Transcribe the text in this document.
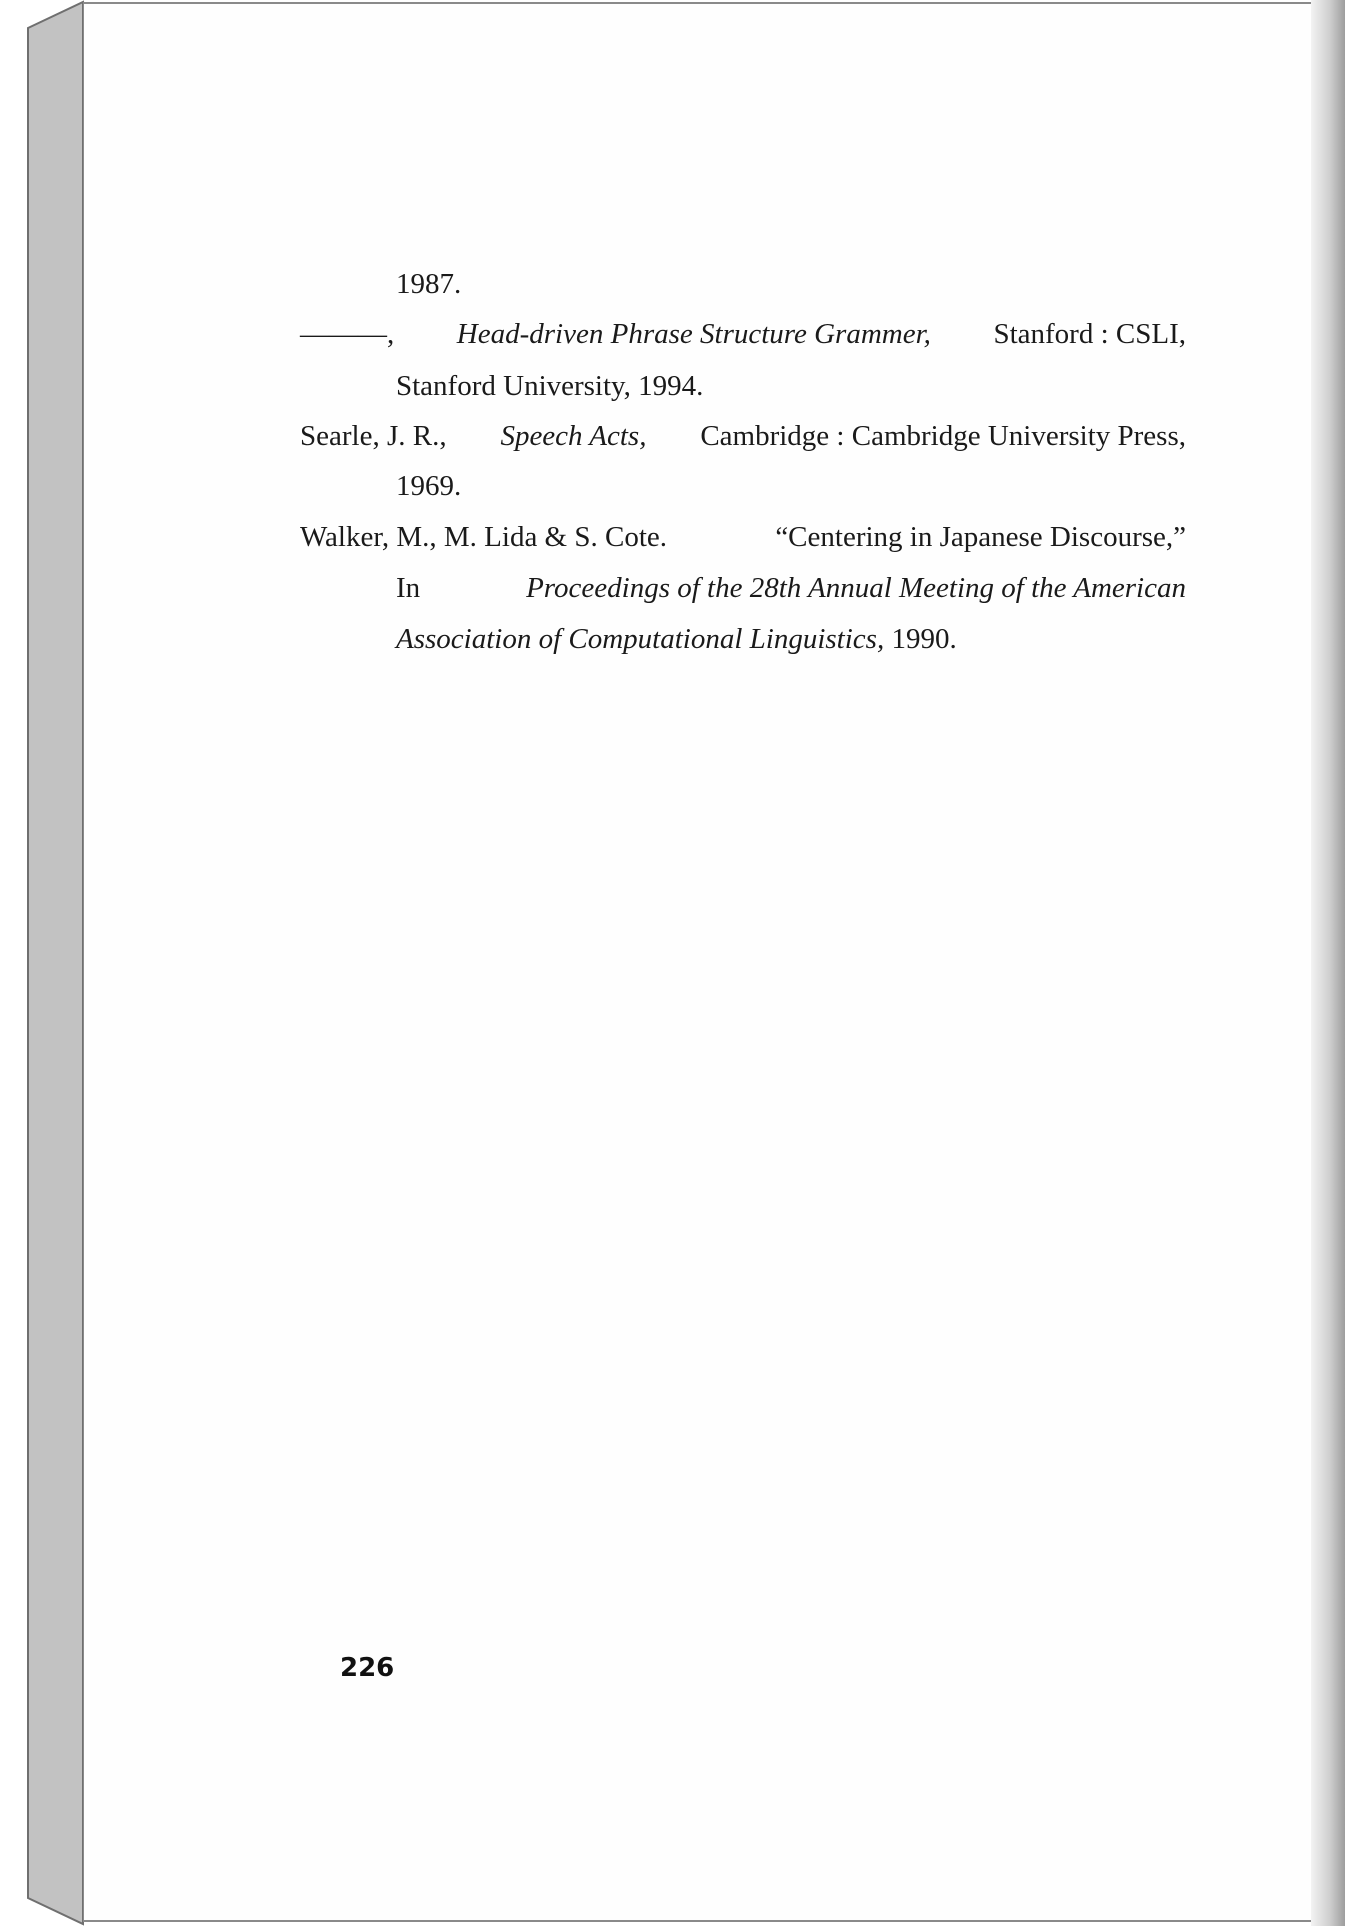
1987.
———, Head-driven Phrase Structure Grammer, Stanford : CSLI,
Stanford University, 1994.
Searle, J. R., Speech Acts, Cambridge : Cambridge University Press,
1969.
Walker, M., M. Lida & S. Cote.	“Centering in Japanese Discourse,”
In	Proceedings of the 28th Annual Meeting of the American
Association of Computational Linguistics, 1990.
226
